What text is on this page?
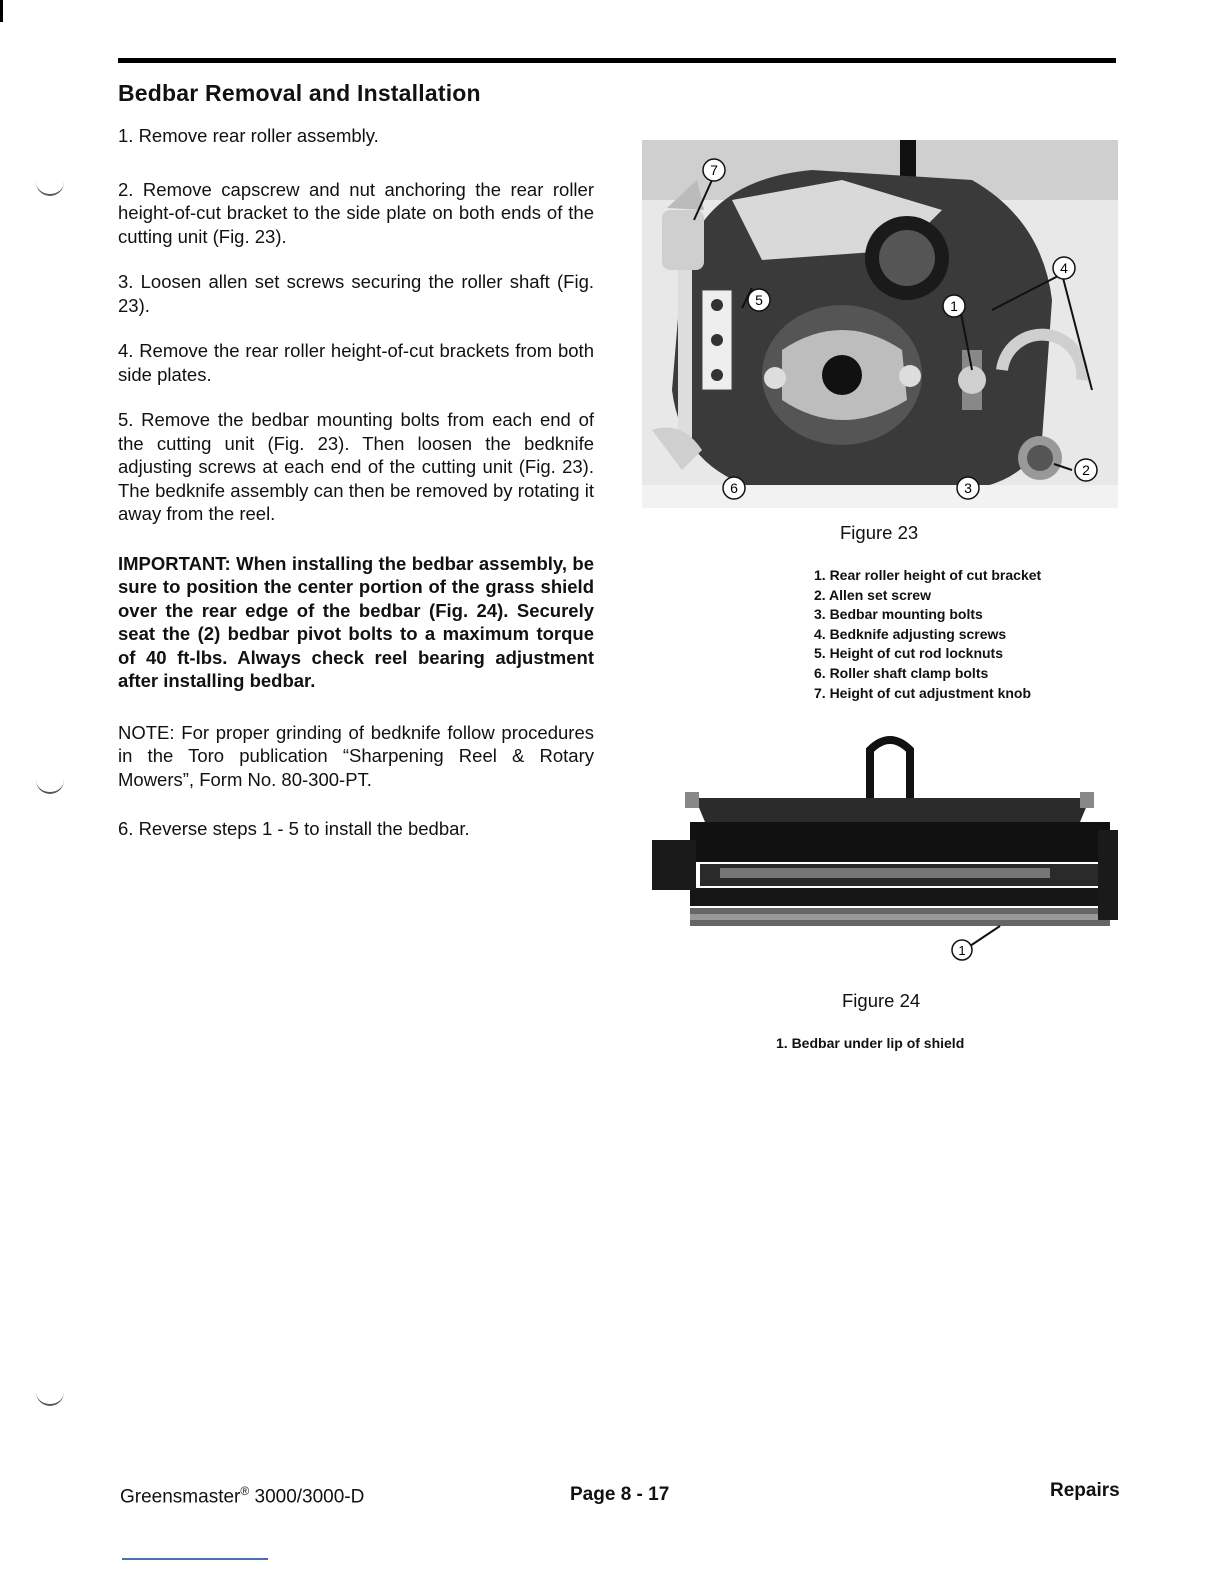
Bedbar Removal and Installation

1. Remove rear roller assembly.

2. Remove capscrew and nut anchoring the rear roller height-of-cut bracket to the side plate on both ends of the cutting unit (Fig. 23).

3. Loosen allen set screws securing the roller shaft (Fig. 23).

4. Remove the rear roller height-of-cut brackets from both side plates.

5. Remove the bedbar mounting bolts from each end of the cutting unit (Fig. 23). Then loosen the bedknife adjusting screws at each end of the cutting unit (Fig. 23). The bedknife assembly can then be removed by rotating it away from the reel.

IMPORTANT: When installing the bedbar assembly, be sure to position the center portion of the grass shield over the rear edge of the bedbar (Fig. 24). Securely seat the (2) bedbar pivot bolts to a maximum torque of 40 ft-lbs. Always check reel bearing adjustment after installing bedbar.

NOTE: For proper grinding of bedknife follow procedures in the Toro publication “Sharpening Reel & Rotary Mowers”, Form No. 80-300-PT.

6. Reverse steps 1 - 5 to install the bedbar.

7
4
1
5
2
6	3
Figure 23
1. Rear roller height of cut bracket
2. Allen set screw
3. Bedbar mounting bolts
4. Bedknife adjusting screws
5. Height of cut rod locknuts
6. Roller shaft clamp bolts
7. Height of cut adjustment knob
1
Figure 24
1. Bedbar under lip of shield
Greensmaster® 3000/3000-D	Page 8 - 17	Repairs
